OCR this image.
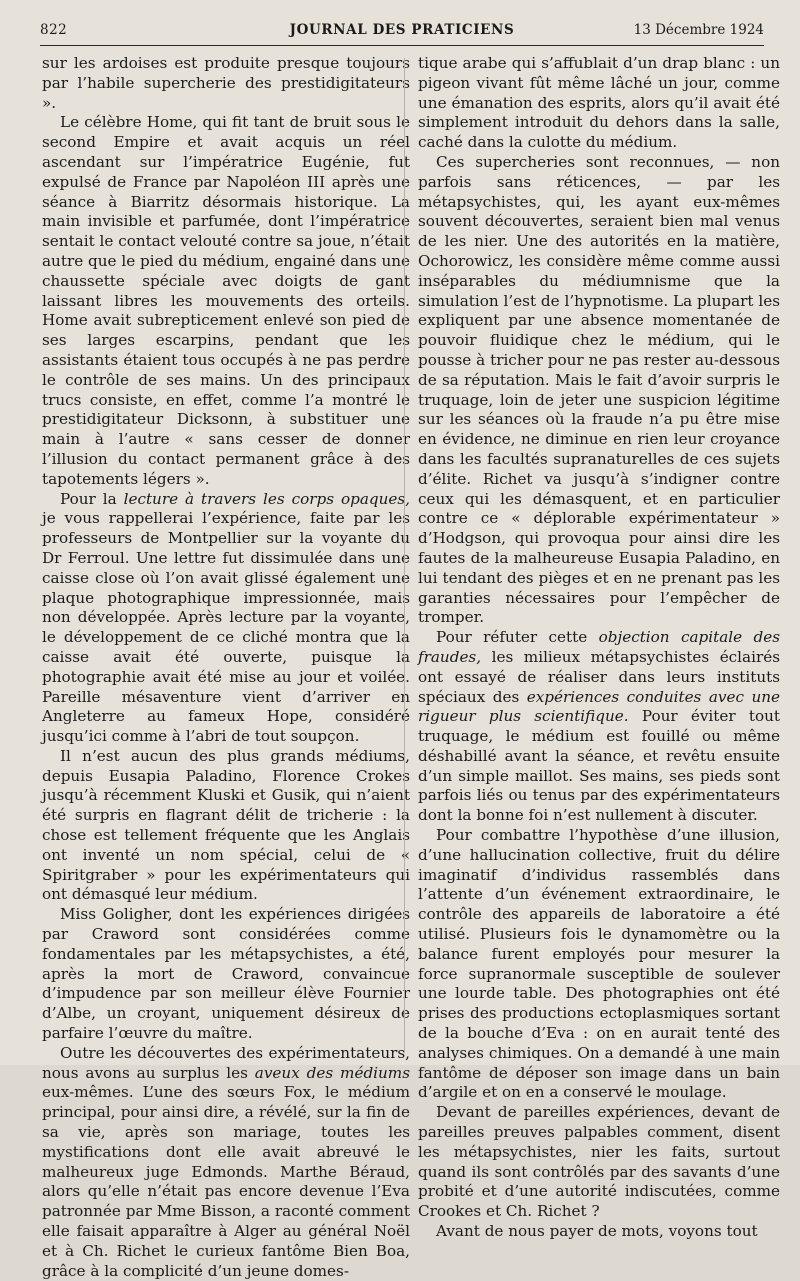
822	JOURNAL DES PRATICIENS	13 Décembre 1924

sur les ardoises est produite presque toujours par l’habile supercherie des prestidigitateurs ».

Le célèbre Home, qui fit tant de bruit sous le second Empire et avait acquis un réel ascendant sur l’impératrice Eugénie, fut expulsé de France par Napoléon III après une séance à Biarritz désormais historique. La main invisible et parfumée, dont l’impératrice sentait le contact velouté contre sa joue, n’était autre que le pied du médium, engainé dans une chaussette spéciale avec doigts de gant laissant libres les mouvements des orteils. Home avait subrepticement enlevé son pied de ses larges escarpins, pendant que les assistants étaient tous occupés à ne pas perdre le contrôle de ses mains. Un des principaux trucs consiste, en effet, comme l’a montré le prestidigitateur Dicksonn, à substituer une main à l’autre « sans cesser de donner l’illusion du contact permanent grâce à des tapotements légers ».

Pour la lecture à travers les corps opaques, je vous rappellerai l’expérience, faite par les professeurs de Montpellier sur la voyante du Dr Ferroul. Une lettre fut dissimulée dans une caisse close où l’on avait glissé également une plaque photographique impressionnée, mais non développée. Après lecture par la voyante, le développement de ce cliché montra que la caisse avait été ouverte, puisque la photographie avait été mise au jour et voilée. Pareille mésaventure vient d’arriver en Angleterre au fameux Hope, considéré jusqu’ici comme à l’abri de tout soupçon.

Il n’est aucun des plus grands médiums, depuis Eusapia Paladino, Florence Crokes jusqu’à récemment Kluski et Gusik, qui n’aient été surpris en flagrant délit de tricherie : la chose est tellement fréquente que les Anglais ont inventé un nom spécial, celui de « Spiritgraber » pour les expérimentateurs qui ont démasqué leur médium.

Miss Goligher, dont les expériences dirigées par Craword sont considérées comme fondamentales par les métapsychistes, a été, après la mort de Craword, convaincue d’impudence par son meilleur élève Fournier d’Albe, un croyant, uniquement désireux de parfaire l’œuvre du maître.

Outre les découvertes des expérimentateurs, nous avons au surplus les aveux des médiums eux-mêmes. L’une des sœurs Fox, le médium principal, pour ainsi dire, a révélé, sur la fin de sa vie, après son mariage, toutes les mystifications dont elle avait abreuvé le malheureux juge Edmonds. Marthe Béraud, alors qu’elle n’était pas encore devenue l’Eva patronnée par Mme Bisson, a raconté comment elle faisait apparaître à Alger au général Noël et à Ch. Richet le curieux fantôme Bien Boa, grâce à la complicité d’un jeune domes-

tique arabe qui s’affublait d’un drap blanc : un pigeon vivant fût même lâché un jour, comme une émanation des esprits, alors qu’il avait été simplement introduit du dehors dans la salle, caché dans la culotte du médium.

Ces supercheries sont reconnues, — non parfois sans réticences, — par les métapsychistes, qui, les ayant eux-mêmes souvent découvertes, seraient bien mal venus de les nier. Une des autorités en la matière, Ochorowicz, les considère même comme aussi inséparables du médiumnisme que la simulation l’est de l’hypnotisme. La plupart les expliquent par une absence momentanée de pouvoir fluidique chez le médium, qui le pousse à tricher pour ne pas rester au-dessous de sa réputation. Mais le fait d’avoir surpris le truquage, loin de jeter une suspicion légitime sur les séances où la fraude n’a pu être mise en évidence, ne diminue en rien leur croyance dans les facultés supranaturelles de ces sujets d’élite. Richet va jusqu’à s’indigner contre ceux qui les démasquent, et en particulier contre ce « déplorable expérimentateur » d’Hodgson, qui provoqua pour ainsi dire les fautes de la malheureuse Eusapia Paladino, en lui tendant des pièges et en ne prenant pas les garanties nécessaires pour l’empêcher de tromper.

Pour réfuter cette objection capitale des fraudes, les milieux métapsychistes éclairés ont essayé de réaliser dans leurs instituts spéciaux des expériences conduites avec une rigueur plus scientifique. Pour éviter tout truquage, le médium est fouillé ou même déshabillé avant la séance, et revêtu ensuite d’un simple maillot. Ses mains, ses pieds sont parfois liés ou tenus par des expérimentateurs dont la bonne foi n’est nullement à discuter.

Pour combattre l’hypothèse d’une illusion, d’une hallucination collective, fruit du délire imaginatif d’individus rassemblés dans l’attente d’un événement extraordinaire, le contrôle des appareils de laboratoire a été utilisé. Plusieurs fois le dynamomètre ou la balance furent employés pour mesurer la force supranormale susceptible de soulever une lourde table. Des photographies ont été prises des productions ectoplasmiques sortant de la bouche d’Eva : on en aurait tenté des analyses chimiques. On a demandé à une main fantôme de déposer son image dans un bain d’argile et on en a conservé le moulage.

Devant de pareilles expériences, devant de pareilles preuves palpables comment, disent les métapsychistes, nier les faits, surtout quand ils sont contrôlés par des savants d’une probité et d’une autorité indiscutées, comme Crookes et Ch. Richet ?

Avant de nous payer de mots, voyons tout
